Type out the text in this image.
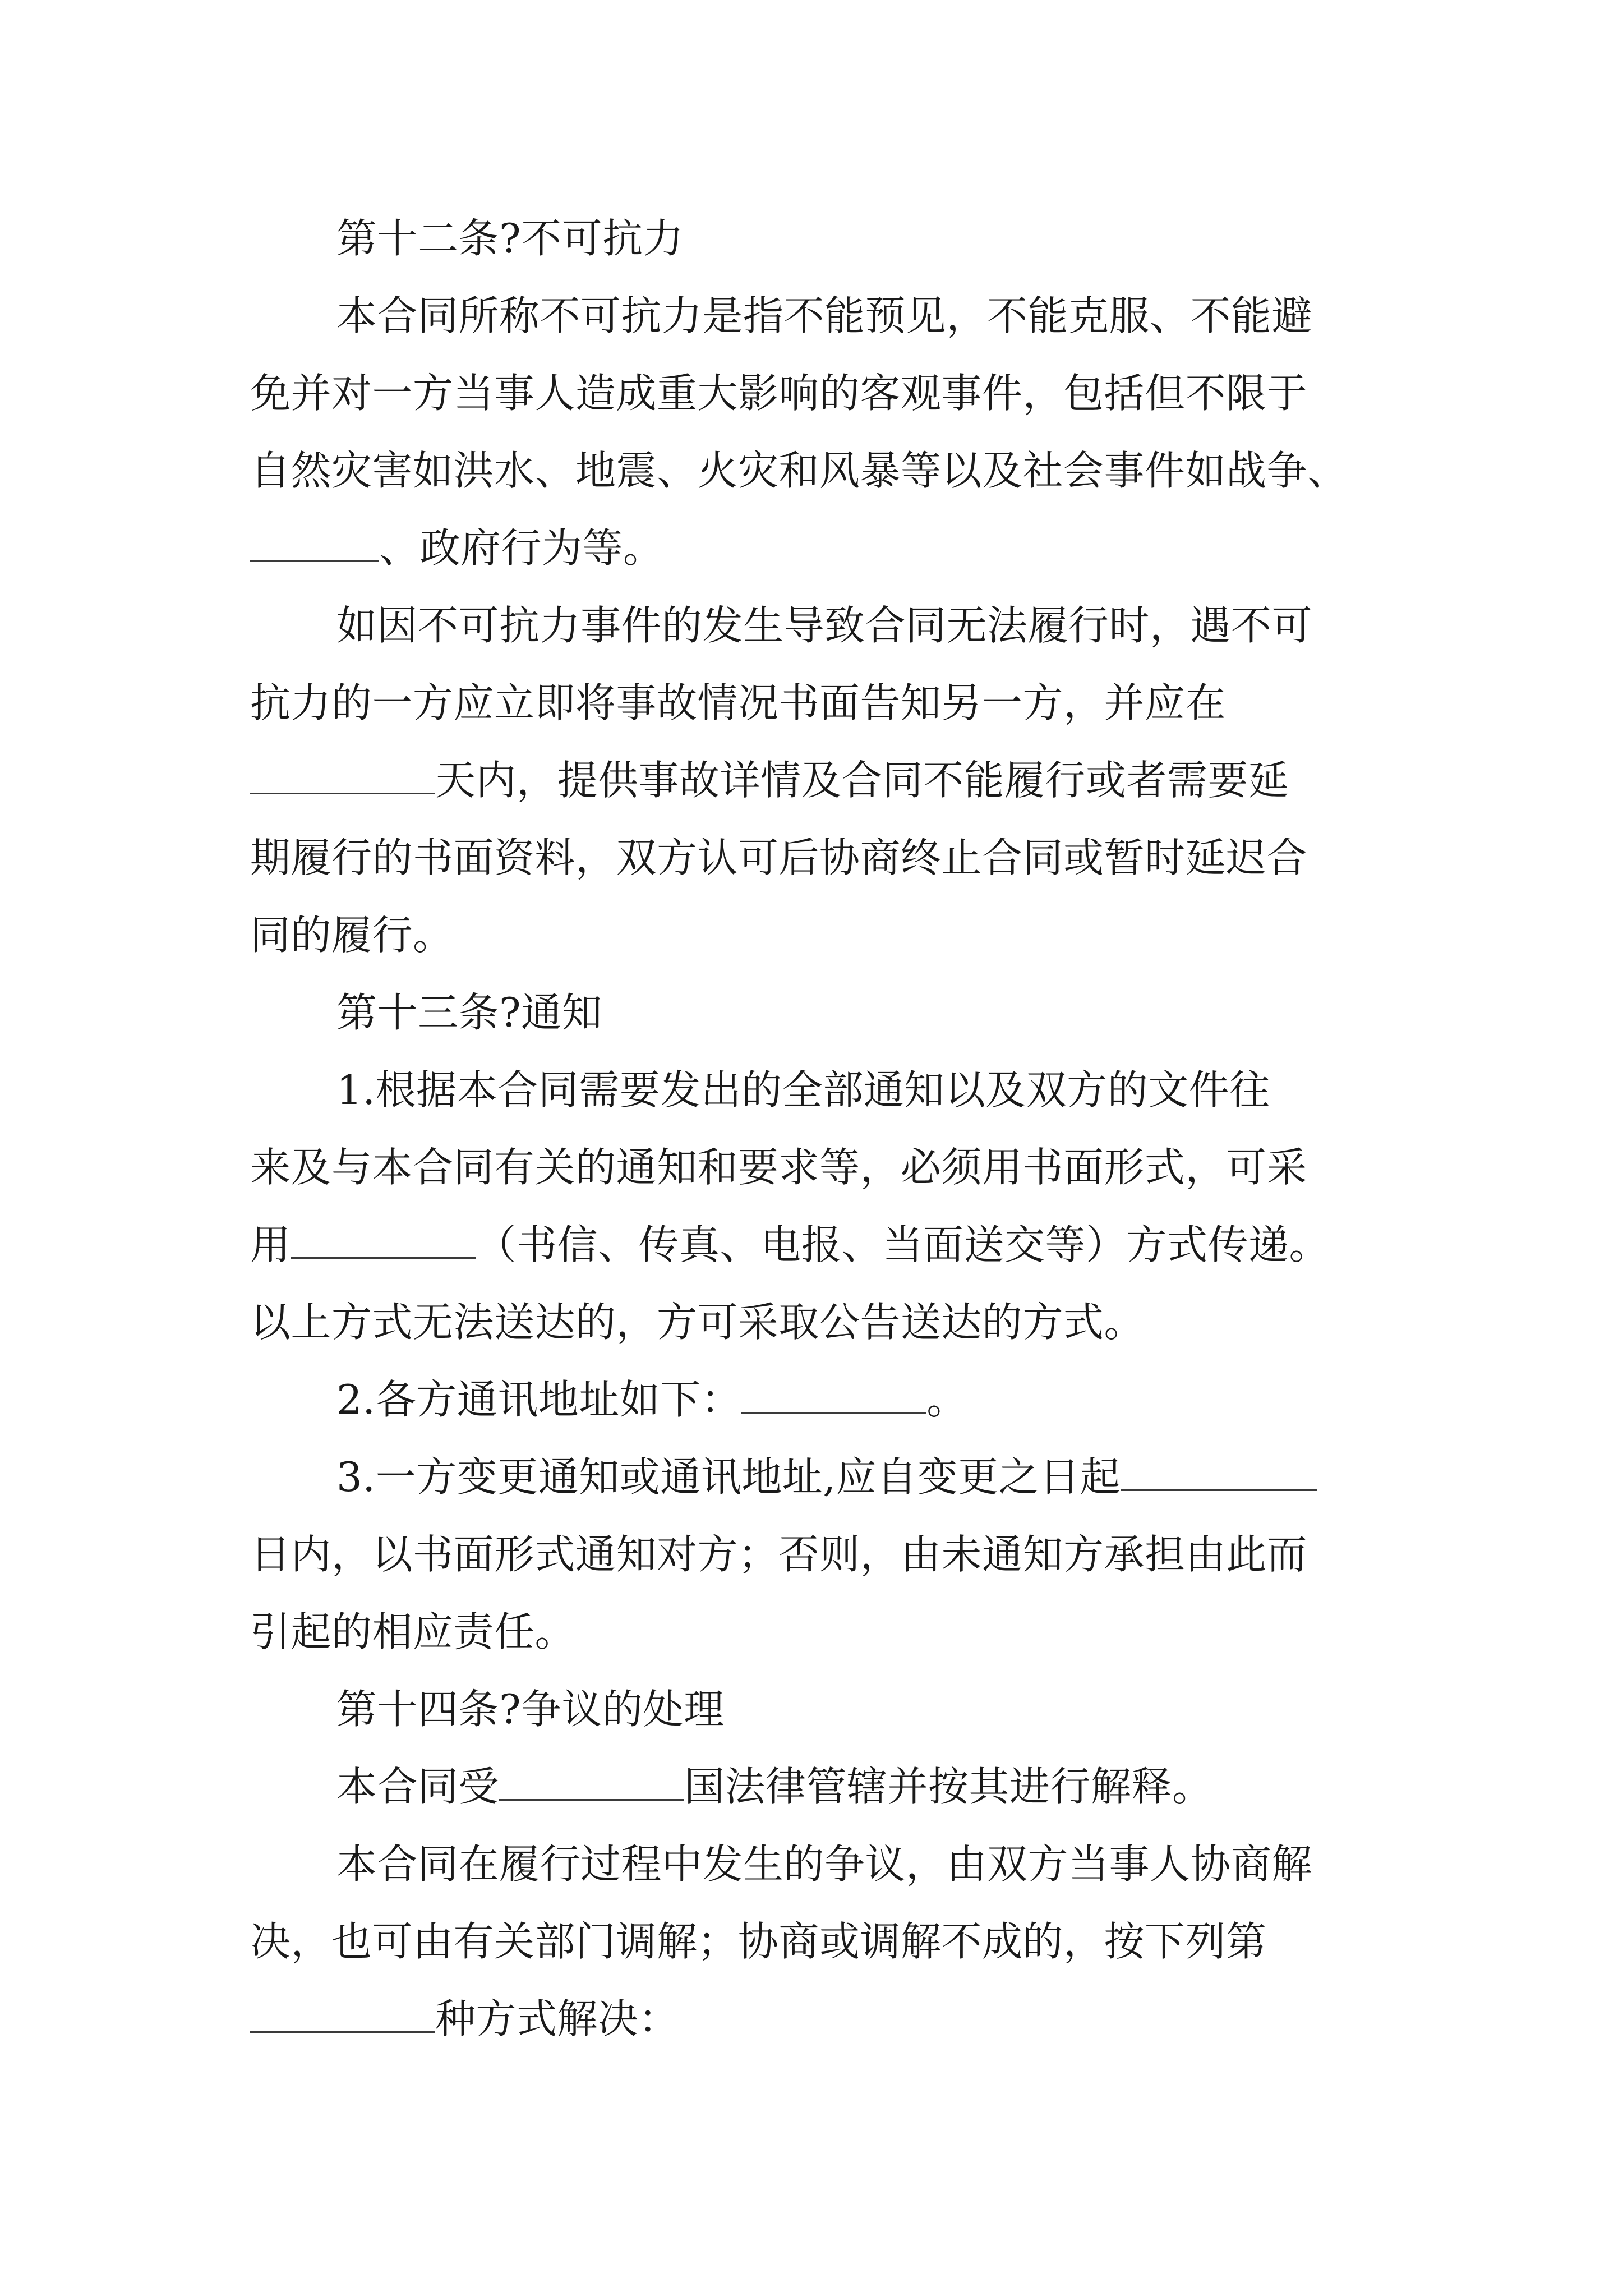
第十二条?不可抗力
本合同所称不可抗力是指不能预见，不能克服、不能避
免并对一方当事人造成重大影响的客观事件，包括但不限于
自然灾害如洪水、地震、火灾和风暴等以及社会事件如战争、
、政府行为等。
如因不可抗力事件的发生导致合同无法履行时，遇不可
抗力的一方应立即将事故情况书面告知另一方，并应在
天内，提供事故详情及合同不能履行或者需要延
期履行的书面资料，双方认可后协商终止合同或暂时延迟合
同的履行。
第十三条?通知
1.根据本合同需要发出的全部通知以及双方的文件往
来及与本合同有关的通知和要求等，必须用书面形式，可采
用	（书信、传真、电报、当面送交等）方式传递。
以上方式无法送达的，方可采取公告送达的方式。
2.各方通讯地址如下：	。
3.一方变更通知或通讯地址,应自变更之日起
日内，以书面形式通知对方；否则，由未通知方承担由此而
引起的相应责任。
第十四条?争议的处理
本合同受	国法律管辖并按其进行解释。
本合同在履行过程中发生的争议，由双方当事人协商解
决，也可由有关部门调解；协商或调解不成的，按下列第
种方式解决：
